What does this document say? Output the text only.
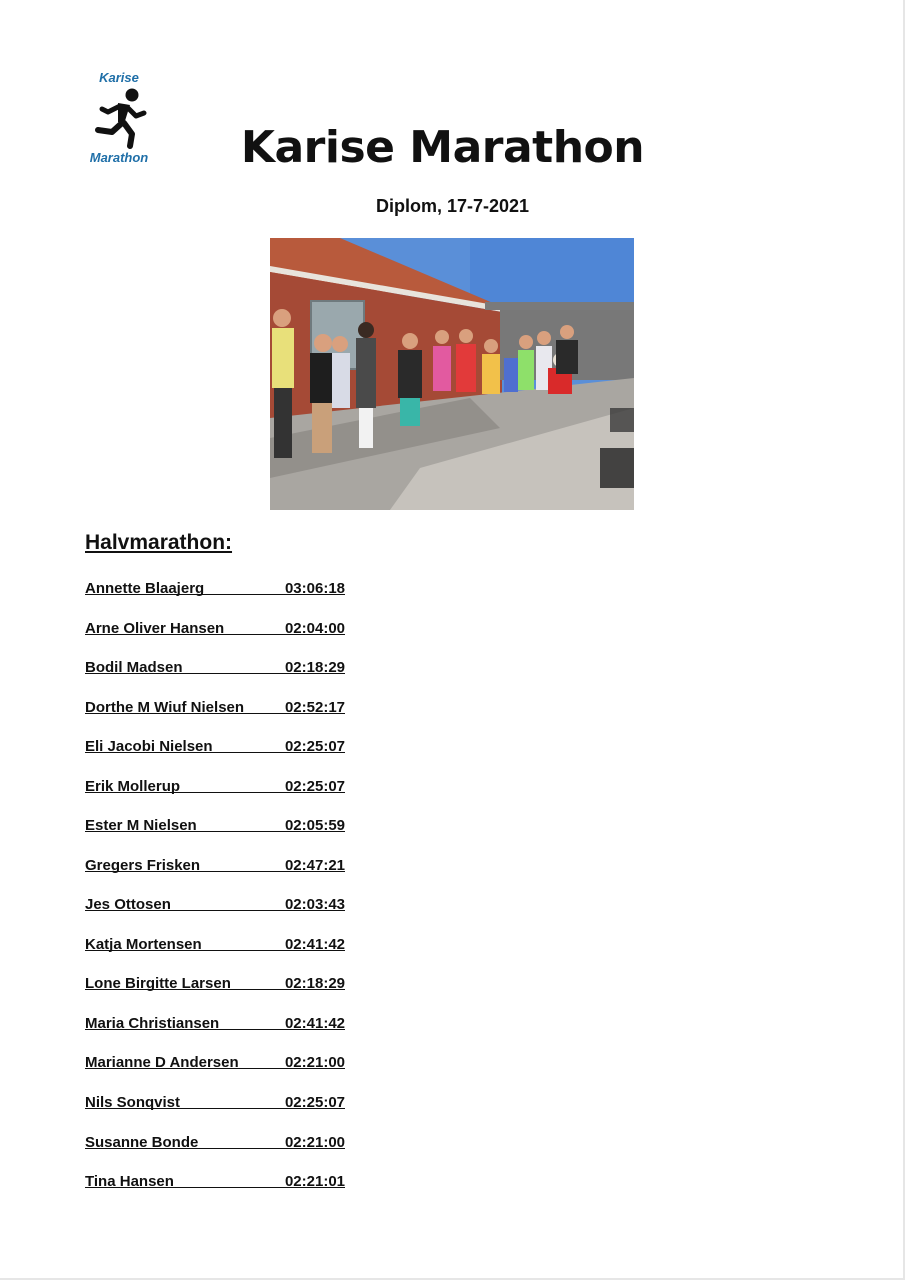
Karise
Marathon	Karise Marathon
Diplom, 17-7-2021
Halvmarathon:
Annette Blaajerg	03:06:18
Arne Oliver Hansen	02:04:00
Bodil Madsen	02:18:29
Dorthe M Wiuf Nielsen	02:52:17
Eli Jacobi Nielsen	02:25:07
Erik Mollerup	02:25:07
Ester M Nielsen	02:05:59
Gregers Frisken	02:47:21
Jes Ottosen	02:03:43
Katja Mortensen	02:41:42
Lone Birgitte Larsen	02:18:29
Maria Christiansen	02:41:42
Marianne D Andersen	02:21:00
Nils Sonqvist	02:25:07
Susanne Bonde	02:21:00
Tina Hansen	02:21:01
